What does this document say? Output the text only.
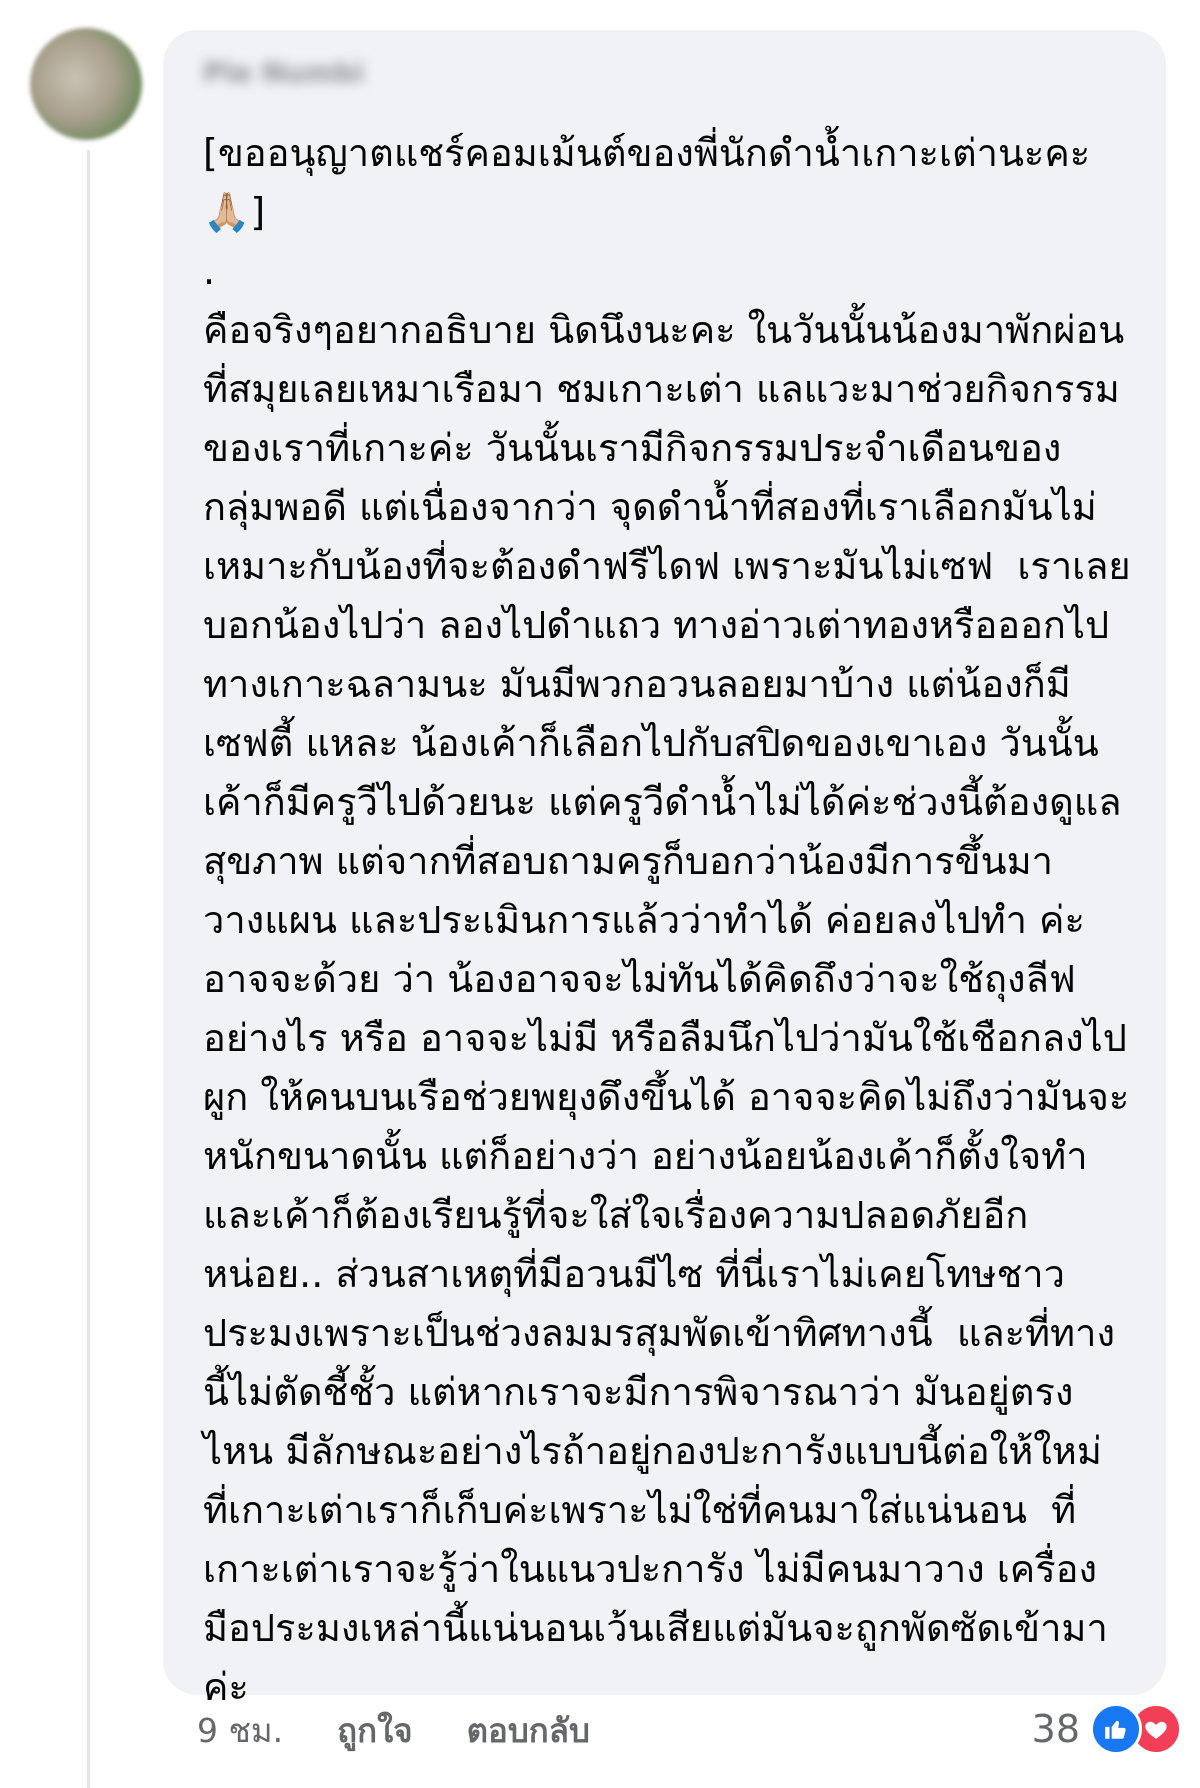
Pie Numbi

[ขออนุญาตแชร์คอมเม้นต์ของพี่นักดำน้ำเกาะเต่านะคะ 🙏🏼]
.
คือจริงๆอยากอธิบาย นิดนึงนะคะ ในวันนั้นน้องมาพักผ่อนที่สมุยเลยเหมาเรือมา ชมเกาะเต่า แลแวะมาช่วยกิจกรรมของเราที่เกาะค่ะ วันนั้นเรามีกิจกรรมประจำเดือนของกลุ่มพอดี แต่เนื่องจากว่า จุดดำน้ำที่สองที่เราเลือกมันไม่เหมาะกับน้องที่จะต้องดำฟรีไดฟ เพราะมันไม่เซฟ  เราเลย บอกน้องไปว่า ลองไปดำแถว ทางอ่าวเต่าทองหรือออกไปทางเกาะฉลามนะ มันมีพวกอวนลอยมาบ้าง แต่น้องก็มีเซฟตี้ แหละ น้องเค้าก็เลือกไปกับสปิดของเขาเอง วันนั้นเค้าก็มีครูวีไปด้วยนะ แต่ครูวีดำน้ำไม่ได้ค่ะช่วงนี้ต้องดูแลสุขภาพ แต่จากที่สอบถามครูก็บอกว่าน้องมีการขึ้นมาวางแผน และประเมินการแล้วว่าทำได้ ค่อยลงไปทำ ค่ะ อาจจะด้วย ว่า น้องอาจจะไม่ทันได้คิดถึงว่าจะใช้ถุงลีฟอย่างไร หรือ อาจจะไม่มี หรือลืมนึกไปว่ามันใช้เชือกลงไปผูก ให้คนบนเรือช่วยพยุงดึงขึ้นได้ อาจจะคิดไม่ถึงว่ามันจะหนักขนาดนั้น แต่ก็อย่างว่า อย่างน้อยน้องเค้าก็ตั้งใจทำ และเค้าก็ต้องเรียนรู้ที่จะใส่ใจเรื่องความปลอดภัยอีกหน่อย.. ส่วนสาเหตุที่มีอวนมีไซ ที่นี่เราไม่เคยโทษชาวประมงเพราะเป็นช่วงลมมรสุมพัดเข้าทิศทางนี้  และที่ทางนี้ไม่ตัดชี้ชั้ว แต่หากเราจะมีการพิจารณาว่า มันอยู่ตรงไหน มีลักษณะอย่างไรถ้าอยู่กองปะการังแบบนี้ต่อให้ใหม่ ที่เกาะเต่าเราก็เก็บค่ะเพราะไม่ใช่ที่คนมาใส่แน่นอน  ที่เกาะเต่าเราจะรู้ว่าในแนวปะการัง ไม่มีคนมาวาง เครื่องมือประมงเหล่านี้แน่นอนเว้นเสียแต่มันจะถูกพัดซัดเข้ามาค่ะ

9 ชม. ถูกใจ ตอบกลับ	38
